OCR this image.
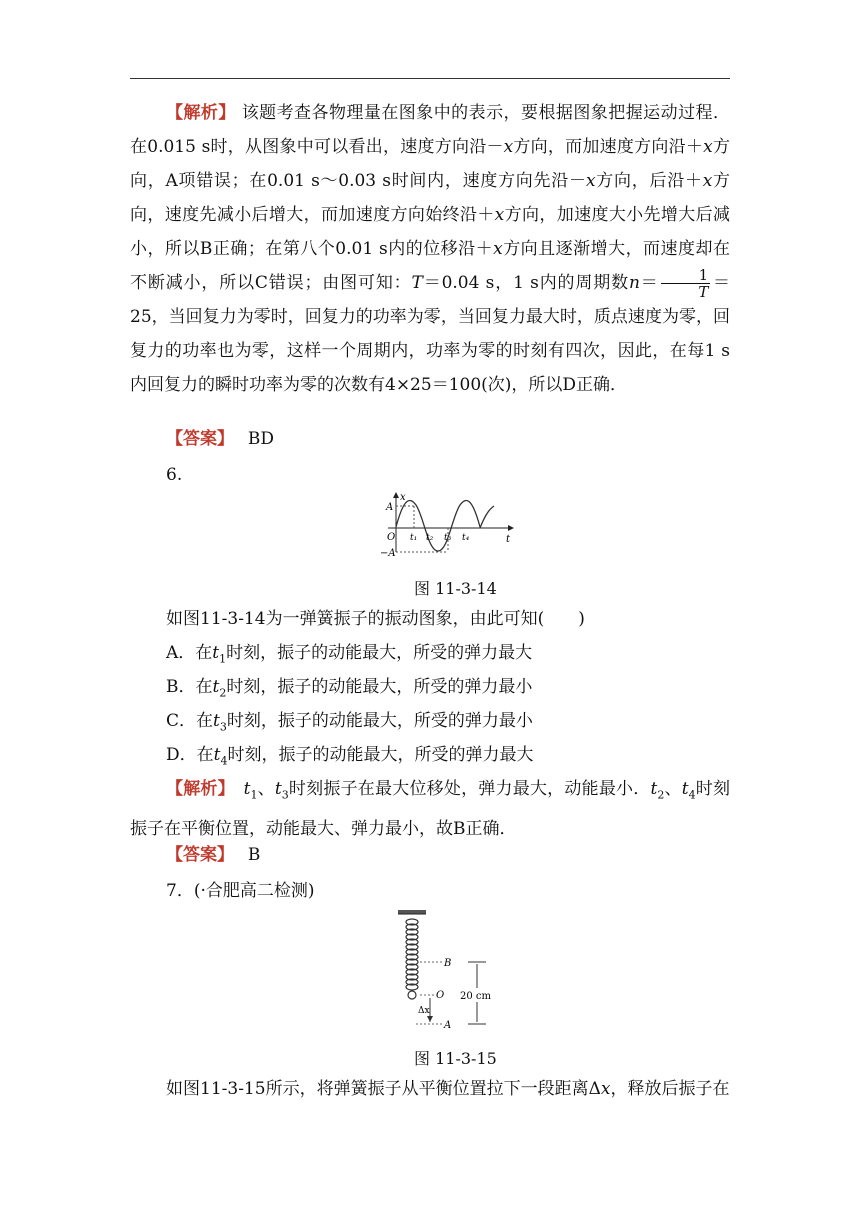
【解析】 该题考查各物理量在图象中的表示，要根据图象把握运动过程．在0.015 s时，从图象中可以看出，速度方向沿－x方向，而加速度方向沿＋x方向，A项错误；在0.01 s～0.03 s时间内，速度方向先沿－x方向，后沿＋x方向，速度先减小后增大，而加速度方向始终沿＋x方向，加速度大小先增大后减小，所以B正确；在第八个0.01 s内的位移沿＋x方向且逐渐增大，而速度却在不断减小，所以C错误；由图可知：T＝0.04 s，1 s内的周期数$n= \frac{1}{T} =25$，当回复力为零时，回复力的功率为零，当回复力最大时，质点速度为零，回复力的功率也为零，这样一个周期内，功率为零的时刻有四次，因此，在每1 s内回复力的瞬时功率为零的次数有4×25＝100(次)，所以D正确．
【答案】　 BD
6.
x
A
−A
O	t
t₁ t₂ t₃ t₄
图 11-3-14
如图11-3-14为一弹簧振子的振动图象，由此可知(　　)
A．在$t_1$时刻，振子的动能最大，所受的弹力最大
B．在$t_2$时刻，振子的动能最大，所受的弹力最小
C．在$t_3$时刻，振子的动能最大，所受的弹力最小
D．在$t_4$时刻，振子的动能最大，所受的弹力最大
【解析】　 $t_1$、$t_3$时刻振子在最大位移处，弹力最大，动能最小．$t_2$、$t_4$时刻振子在平衡位置，动能最大、弹力最小，故B正确．
【答案】　 B
7．(·合肥高二检测)
B
O
A
Δx
20 cm
图 11-3-15
如图11-3-15所示，将弹簧振子从平衡位置拉下一段距离Δx，释放后振子在
